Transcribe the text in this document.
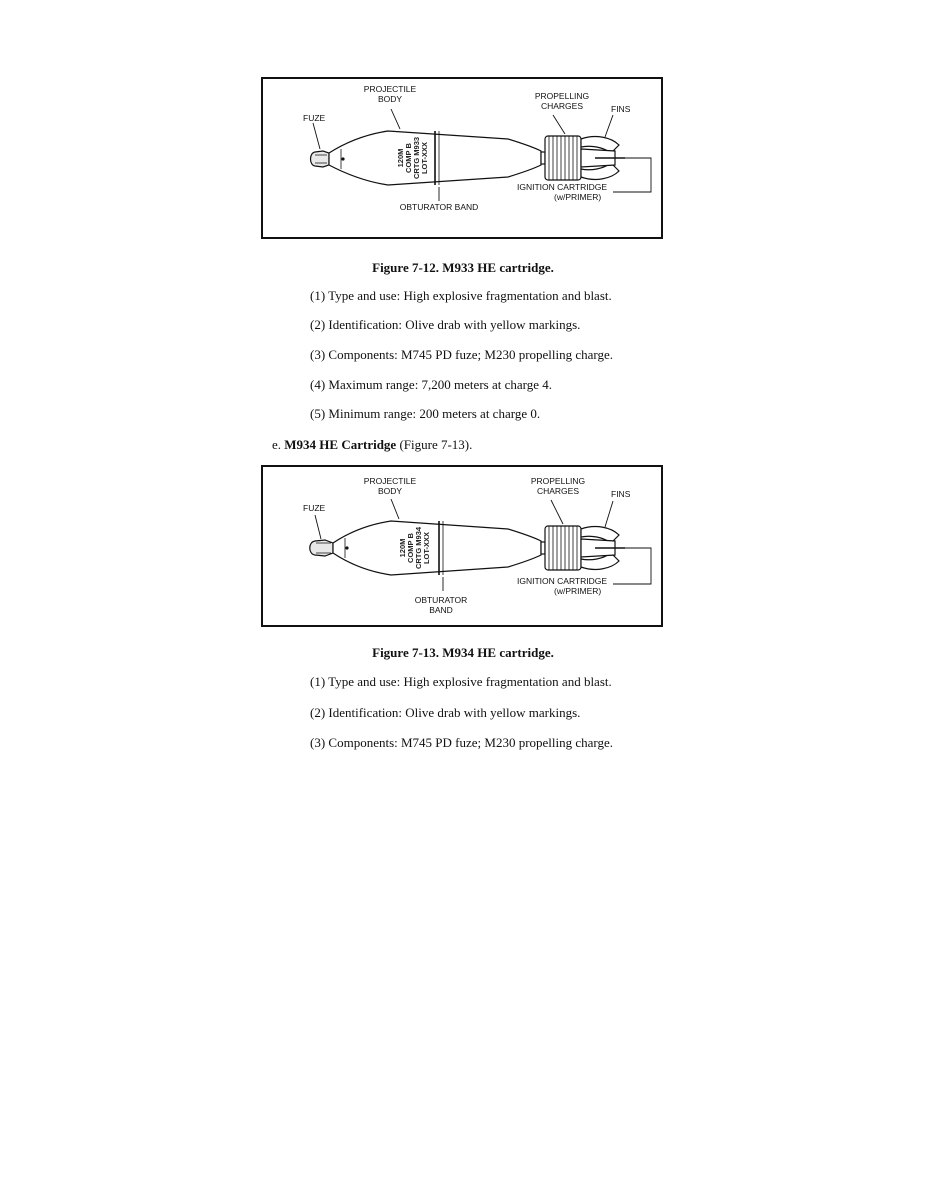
120M COMP B CRTG M933 LOT-XXX
FUZE
PROJECTILE
BODY	PROPELLING
CHARGES	FINS
IGNITION CARTRIDGE
(w/PRIMER)
OBTURATOR BAND
Figure 7-12. M933 HE cartridge.
(1) Type and use: High explosive fragmentation and blast.
(2) Identification: Olive drab with yellow markings.
(3) Components: M745 PD fuze; M230 propelling charge.
(4) Maximum range: 7,200 meters at charge 4.
(5) Minimum range: 200 meters at charge 0.
e. M934 HE Cartridge (Figure 7-13).
120M COMP B CRTG M934 LOT-XXX
FUZE
PROJECTILE
BODY
PROPELLING
CHARGES	FINS
IGNITION CARTRIDGE
(w/PRIMER)
OBTURATOR
BAND
Figure 7-13. M934 HE cartridge.
(1) Type and use: High explosive fragmentation and blast.
(2) Identification: Olive drab with yellow markings.
(3) Components: M745 PD fuze; M230 propelling charge.
